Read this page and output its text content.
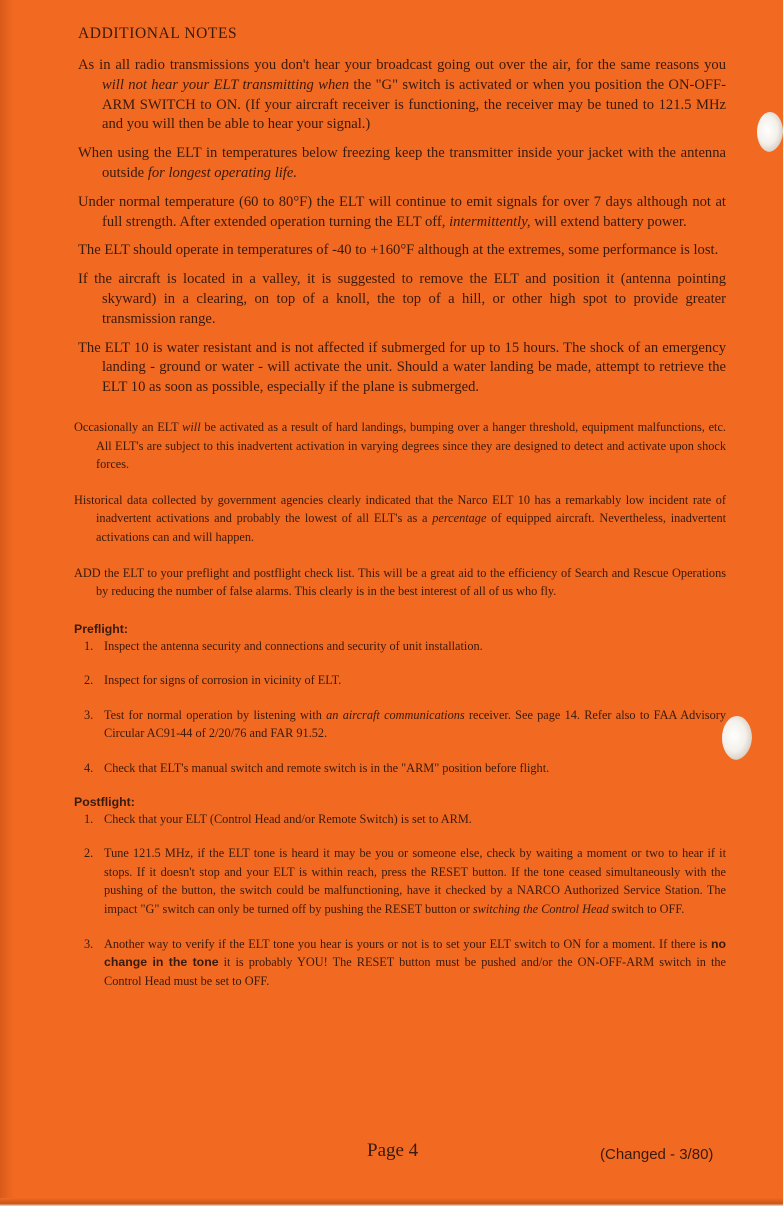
ADDITIONAL NOTES

As in all radio transmissions you don't hear your broadcast going out over the air, for the same reasons you will not hear your ELT transmitting when the "G" switch is activated or when you position the ON-OFF-ARM SWITCH to ON. (If your aircraft receiver is functioning, the receiver may be tuned to 121.5 MHz and you will then be able to hear your signal.)

When using the ELT in temperatures below freezing keep the transmitter inside your jacket with the antenna outside for longest operating life.

Under normal temperature (60 to 80°F) the ELT will continue to emit signals for over 7 days although not at full strength. After extended operation turning the ELT off, intermittently, will extend battery power.

The ELT should operate in temperatures of -40 to +160°F although at the extremes, some performance is lost.

If the aircraft is located in a valley, it is suggested to remove the ELT and position it (antenna pointing skyward) in a clearing, on top of a knoll, the top of a hill, or other high spot to provide greater transmission range.

The ELT 10 is water resistant and is not affected if submerged for up to 15 hours. The shock of an emergency landing - ground or water - will activate the unit. Should a water landing be made, attempt to retrieve the ELT 10 as soon as possible, especially if the plane is submerged.

Occasionally an ELT will be activated as a result of hard landings, bumping over a hanger threshold, equipment malfunctions, etc. All ELT's are subject to this inadvertent activation in varying degrees since they are designed to detect and activate upon shock forces.

Historical data collected by government agencies clearly indicated that the Narco ELT 10 has a remarkably low incident rate of inadvertent activations and probably the lowest of all ELT's as a percentage of equipped aircraft. Nevertheless, inadvertent activations can and will happen.

ADD the ELT to your preflight and postflight check list. This will be a great aid to the efficiency of Search and Rescue Operations by reducing the number of false alarms. This clearly is in the best interest of all of us who fly.

Preflight:

1. Inspect the antenna security and connections and security of unit installation.
2. Inspect for signs of corrosion in vicinity of ELT.
3. Test for normal operation by listening with an aircraft communications receiver. See page 14. Refer also to FAA Advisory Circular AC91-44 of 2/20/76 and FAR 91.52.
4. Check that ELT's manual switch and remote switch is in the "ARM" position before flight.

Postflight:

1. Check that your ELT (Control Head and/or Remote Switch) is set to ARM.
2. Tune 121.5 MHz, if the ELT tone is heard it may be you or someone else, check by waiting a moment or two to hear if it stops. If it doesn't stop and your ELT is within reach, press the RESET button. If the tone ceased simultaneously with the pushing of the button, the switch could be malfunctioning, have it checked by a NARCO Authorized Service Station. The impact "G" switch can only be turned off by pushing the RESET button or switching the Control Head switch to OFF.
3. Another way to verify if the ELT tone you hear is yours or not is to set your ELT switch to ON for a moment. If there is no change in the tone it is probably YOU! The RESET button must be pushed and/or the ON-OFF-ARM switch in the Control Head must be set to OFF.
Page 4	(Changed - 3/80)
